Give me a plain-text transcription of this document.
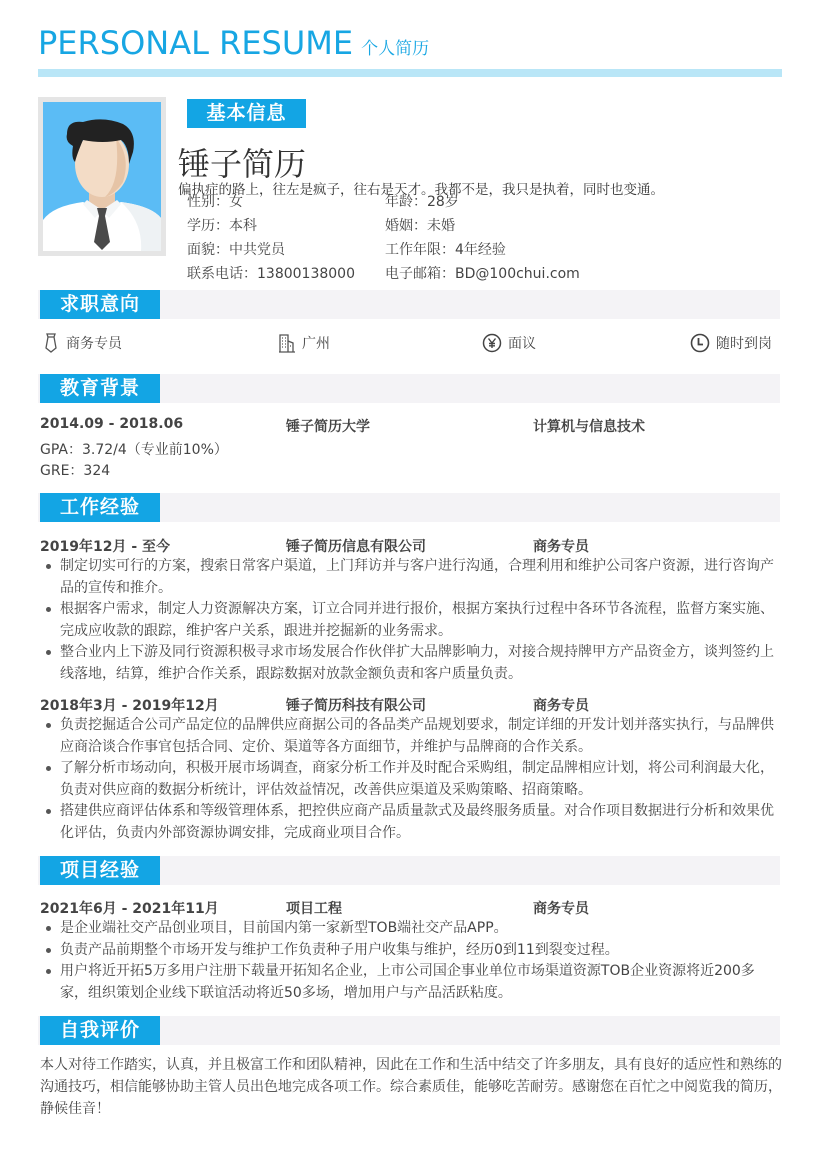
PERSONAL RESUME 个人简历
基本信息
锤子简历
偏执症的路上，往左是疯子，往右是天才。我都不是，我只是执着，同时也变通。
性别：女	年龄：28岁
学历：本科	婚姻：未婚
面貌：中共党员	工作年限：4年经验
联系电话：13800138000	电子邮箱：BD@100chui.com
求职意向
商务专员	广州	面议	随时到岗
教育背景
2014.09 - 2018.06	锤子简历大学	计算机与信息技术
GPA：3.72/4（专业前10%）
GRE：324
工作经验
2019年12月 - 至今	锤子简历信息有限公司	商务专员
制定切实可行的方案，搜索日常客户渠道，上门拜访并与客户进行沟通，合理利用和维护公司客户资源，进行咨询产品的宣传和推介。
根据客户需求，制定人力资源解决方案，订立合同并进行报价，根据方案执行过程中各环节各流程，监督方案实施、完成应收款的跟踪，维护客户关系，跟进并挖掘新的业务需求。
整合业内上下游及同行资源积极寻求市场发展合作伙伴扩大品牌影响力，对接合规持牌甲方产品资金方，谈判签约上线落地，结算，维护合作关系，跟踪数据对放款金额负责和客户质量负责。
2018年3月 - 2019年12月	锤子简历科技有限公司	商务专员
负责挖掘适合公司产品定位的品牌供应商据公司的各品类产品规划要求，制定详细的开发计划并落实执行，与品牌供应商洽谈合作事官包括合同、定价、渠道等各方面细节，并维护与品牌商的合作关系。
了解分析市场动向，积极开展市场调查，商家分析工作并及时配合采购组，制定品牌相应计划，将公司利润最大化，负责对供应商的数据分析统计，评估效益情况，改善供应渠道及采购策略、招商策略。
搭建供应商评估体系和等级管理体系，把控供应商产品质量款式及最终服务质量。对合作项目数据进行分析和效果优化评估，负责内外部资源协调安排，完成商业项目合作。
项目经验
2021年6月 - 2021年11月	项目工程	商务专员
是企业端社交产品创业项目，目前国内第一家新型TOB端社交产品APP。
负责产品前期整个市场开发与维护工作负责种子用户收集与维护，经历0到11到裂变过程。
用户将近开拓5万多用户注册下载量开拓知名企业，上市公司国企事业单位市场渠道资源TOB企业资源将近200多家，组织策划企业线下联谊活动将近50多场，增加用户与产品活跃粘度。
自我评价
本人对待工作踏实，认真，并且极富工作和团队精神，因此在工作和生活中结交了许多朋友，具有良好的适应性和熟练的沟通技巧，相信能够协助主管人员出色地完成各项工作。综合素质佳，能够吃苦耐劳。感谢您在百忙之中阅览我的简历，静候佳音！
